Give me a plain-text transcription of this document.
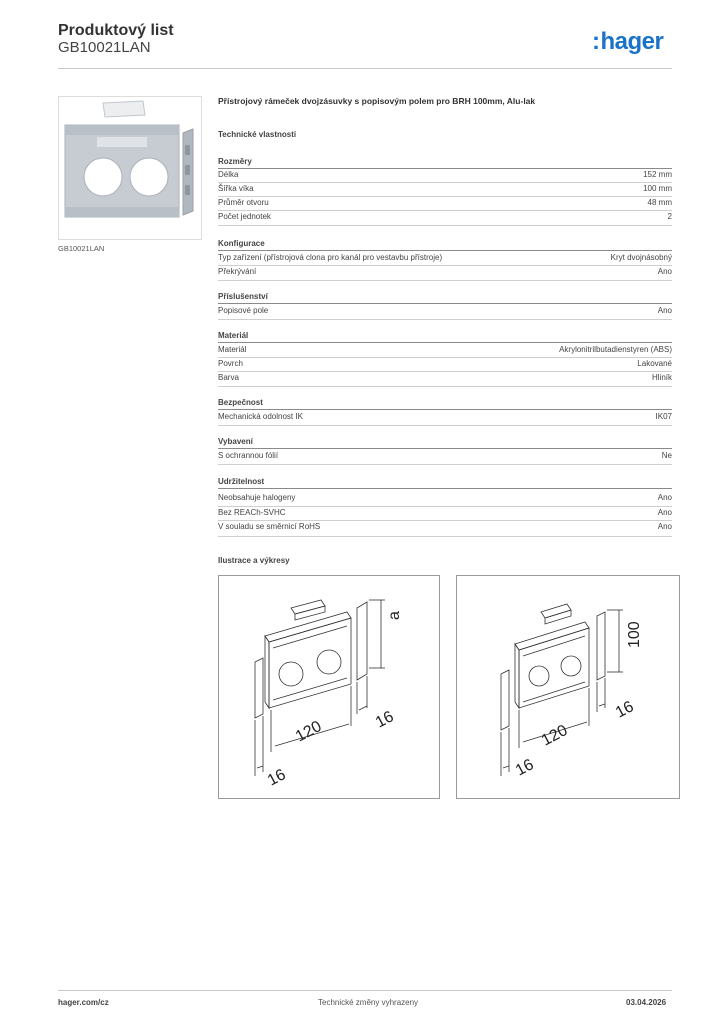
Produktový list
GB10021LAN	:hager
GB10021LAN
Přístrojový rámeček dvojzásuvky s popisovým polem pro BRH 100mm, Alu-lak
Technické vlastnosti
Rozměry
Délka	152 mm
Šířka víka	100 mm
Průměr otvoru	48 mm
Počet jednotek	2
Konfigurace
Typ zařízení (přístrojová clona pro kanál pro vestavbu přístroje)	Kryt dvojnásobný
Překrývání	Ano
Příslušenství
Popisové pole	Ano
Materiál
Materiál	Akrylonitrilbutadienstyren (ABS)
Povrch	Lakované
Barva	Hliník
Bezpečnost
Mechanická odolnost IK	IK07
Vybavení
S ochrannou fólií	Ne
Udržitelnost
Neobsahuje halogeny	Ano
Bez REACh-SVHC	Ano
V souladu se směrnicí RoHS	Ano
Ilustrace a výkresy
a
120	16
16
100
120
16
16
hager.com/cz	Technické změny vyhrazeny	03.04.2026
